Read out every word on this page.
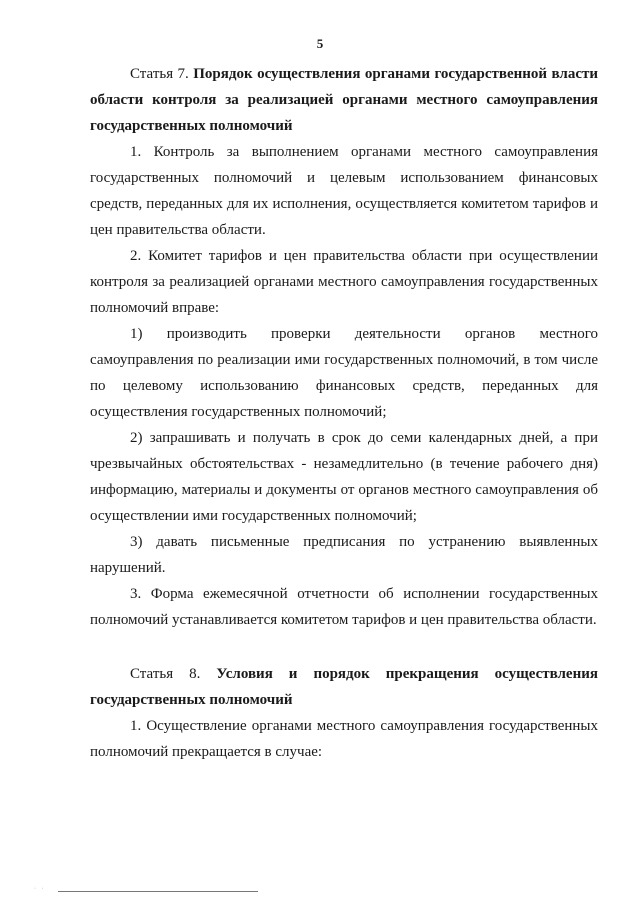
5

Статья 7. Порядок осуществления органами государственной власти области контроля за реализацией органами местного самоуправления государственных полномочий

1. Контроль за выполнением органами местного самоуправления государственных полномочий и целевым использованием финансовых средств, переданных для их исполнения, осуществляется комитетом тарифов и цен правительства области.

2. Комитет тарифов и цен правительства области при осуществлении контроля за реализацией органами местного самоуправления государственных полномочий вправе:

1) производить проверки деятельности органов местного самоуправления по реализации ими государственных полномочий, в том числе по целевому использованию финансовых средств, переданных для осуществления государственных полномочий;

2) запрашивать и получать в срок до семи календарных дней, а при чрезвычайных обстоятельствах - незамедлительно (в течение рабочего дня) информацию, материалы и документы от органов местного самоуправления об осуществлении ими государственных полномочий;

3) давать письменные предписания по устранению выявленных нарушений.

3. Форма ежемесячной отчетности об исполнении государственных полномочий устанавливается комитетом тарифов и цен правительства области.

Статья 8. Условия и порядок прекращения осуществления государственных полномочий

1. Осуществление органами местного самоуправления государственных полномочий прекращается в случае:

· ·
